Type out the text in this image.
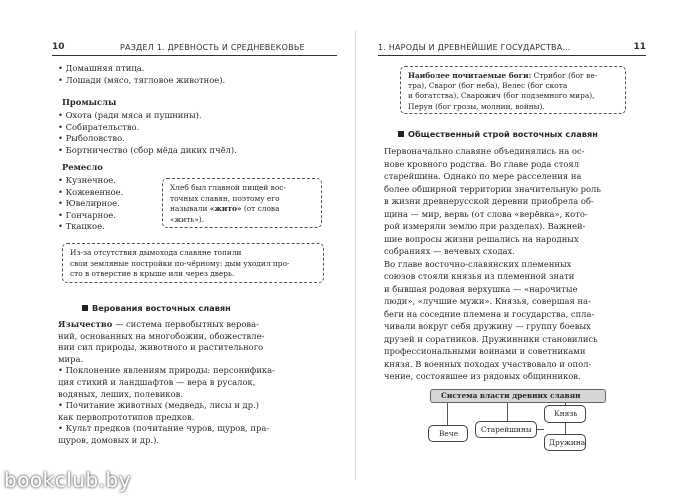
10	РАЗДЕЛ 1. ДРЕВНОСТЬ И СРЕДНЕВЕКОВЬЕ	1. НАРОДЫ И ДРЕВНЕЙШИЕ ГОСУДАРСТВА…	11
Промыслы
Ремесло
Верования восточных славян
Общественный строй восточных славян
Система власти древних славян
Вече	Старейшины
Князь
Дружина
bookclub.by
• Домашняя птица.
• Лошади (мясо, тягловое животное).
• Охота (ради мяса и пушнины).
• Собирательство.
• Рыболовство.
• Бортничество (сбор мёда диких пчёл).
• Кузнечное.
• Кожевенное.
• Ювелирное.
• Гончарное.
• Ткацкое.
Хлеб был главной пищей вос-
точных славян, поэтому его
называли «жито» (от слова
«жить»).
Из-за отсутствия дымохода славяне топили
свои земляные постройки по-чёрному: дым уходил про-
сто в отверстие в крыше или через дверь.
Язычество — система первобытных верова-
ний, основанных на многобожии, обожествле-
нии сил природы, животного и растительного
мира.
• Поклонение явлениям природы: персонифика-
ция стихий и ландшафтов — вера в русалок,
водяных, леших, полевиков.
• Почитание животных (медведь, лисы и др.)
как первопрототипов предков.
• Культ предков (почитание чуров, щуров, пра-
щуров, домовых и др.).
Наиболее почитаемые боги: Стрибог (бог ве-
тра), Сварог (бог неба), Велес (бог скота
и богатства), Сварожич (бог подземного мира),
Перун (бог грозы, молнии, войны).
Первоначально славяне объединялись на ос-
нове кровного родства. Во главе рода стоял
старейшина. Однако по мере расселения на
более обширной территории значительную роль
в жизни древнерусской деревни приобрела об-
щина — мир, вервь (от слова «верёвка», кото-
рой измеряли землю при разделах). Важней-
шие вопросы жизни решались на народных
собраниях — вечевых сходах.
Во главе восточно-славянских племенных
союзов стояли князья из племенной знати
и бывшая родовая верхушка — «нарочитые
люди», «лучшие мужи». Князья, совершая на-
беги на соседние племена и государства, спла-
чивали вокруг себя дружину — группу боевых
друзей и соратников. Дружинники становились
профессиональными воинами и советниками
князя. В военных походах участвовало и опол-
чение, состоявшее из рядовых общинников.
